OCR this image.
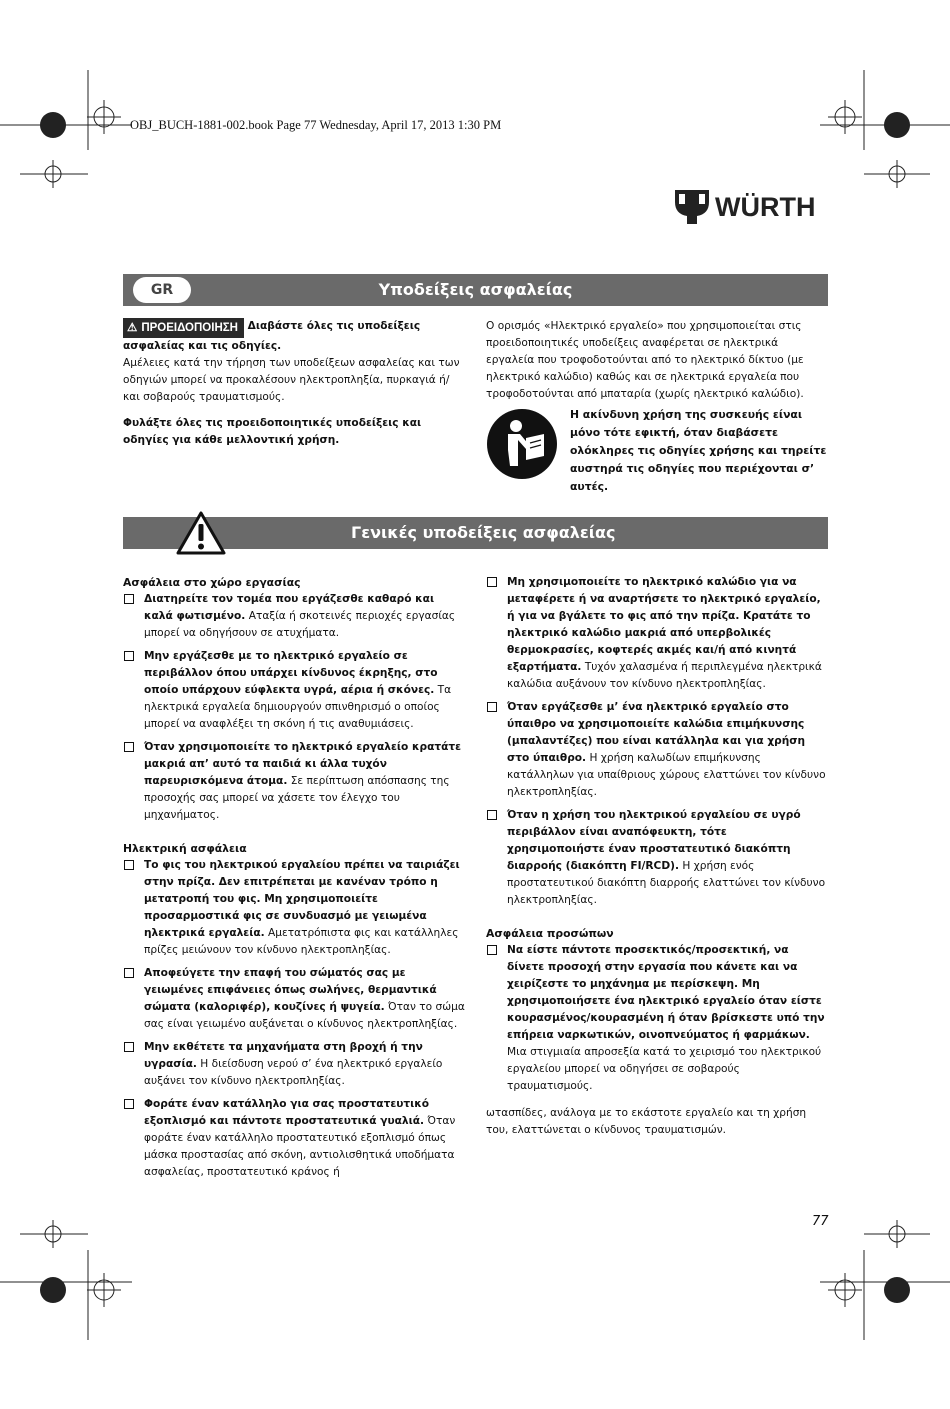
OBJ_BUCH-1881-002.book Page 77 Wednesday, April 17, 2013 1:30 PM
WÜRTH
Υποδείξεις ασφαλείας
GR

⚠ ΠΡΟΕΙΔΟΠΟΙΗΣΗ Διαβάστε όλες τις υποδείξεις ασφαλείας και τις οδηγίες.

Αμέλειες κατά την τήρηση των υποδείξεων ασφαλείας και των οδηγιών μπορεί να προκαλέσουν ηλεκτροπληξία, πυρκαγιά ή/και σοβαρούς τραυματισμούς.

Φυλάξτε όλες τις προειδοποιητικές υποδείξεις και οδηγίες για κάθε μελλοντική χρήση.

Ο ορισμός «Ηλεκτρικό εργαλείο» που χρησιμοποιείται στις προειδοποιητικές υποδείξεις αναφέρεται σε ηλεκτρικά εργαλεία που τροφοδοτούνται από το ηλεκτρικό δίκτυο (με ηλεκτρικό καλώδιο) καθώς και σε ηλεκτρικά εργαλεία που τροφοδοτούνται από μπαταρία (χωρίς ηλεκτρικό καλώδιο).
Η ακίνδυνη χρήση της συσκευής είναι μόνο τότε εφικτή, όταν διαβάσετε ολόκληρες τις οδηγίες χρήσης και τηρείτε αυστηρά τις οδηγίες που περιέχονται σ’ αυτές.
Γενικές υποδείξεις ασφαλείας

Ασφάλεια στο χώρο εργασίας

Διατηρείτε τον τομέα που εργάζεσθε καθαρό και καλά φωτισμένο. Αταξία ή σκοτεινές περιοχές εργασίας μπορεί να οδηγήσουν σε ατυχήματα.
Μην εργάζεσθε με το ηλεκτρικό εργαλείο σε περιβάλλον όπου υπάρχει κίνδυνος έκρηξης, στο οποίο υπάρχουν εύφλεκτα υγρά, αέρια ή σκόνες. Τα ηλεκτρικά εργαλεία δημιουργούν σπινθηρισμό ο οποίος μπορεί να αναφλέξει τη σκόνη ή τις αναθυμιάσεις.
Όταν χρησιμοποιείτε το ηλεκτρικό εργαλείο κρατάτε μακριά απ’ αυτό τα παιδιά κι άλλα τυχόν παρευρισκόμενα άτομα. Σε περίπτωση απόσπασης της προσοχής σας μπορεί να χάσετε τον έλεγχο του μηχανήματος.

Ηλεκτρική ασφάλεια

Το φις του ηλεκτρικού εργαλείου πρέπει να ταιριάζει στην πρίζα. Δεν επιτρέπεται με κανέναν τρόπο η μετατροπή του φις. Μη χρησιμοποιείτε προσαρμοστικά φις σε συνδυασμό με γειωμένα ηλεκτρικά εργαλεία. Αμετατρόπιστα φις και κατάλληλες πρίζες μειώνουν τον κίνδυνο ηλεκτροπληξίας.
Αποφεύγετε την επαφή του σώματός σας με γειωμένες επιφάνειες όπως σωλήνες, θερμαντικά σώματα (καλοριφέρ), κουζίνες ή ψυγεία. Όταν το σώμα σας είναι γειωμένο αυξάνεται ο κίνδυνος ηλεκτροπληξίας.
Μην εκθέτετε τα μηχανήματα στη βροχή ή την υγρασία. Η διείσδυση νερού σ’ ένα ηλεκτρικό εργαλείο αυξάνει τον κίνδυνο ηλεκτροπληξίας.
Φοράτε έναν κατάλληλο για σας προστατευτικό εξοπλισμό και πάντοτε προστατευτικά γυαλιά. Όταν φοράτε έναν κατάλληλο προστατευτικό εξοπλισμό όπως μάσκα προστασίας από σκόνη, αντιολισθητικά υποδήματα ασφαλείας, προστατευτικό κράνος ή
Μη χρησιμοποιείτε το ηλεκτρικό καλώδιο για να μεταφέρετε ή να αναρτήσετε το ηλεκτρικό εργαλείο, ή για να βγάλετε το φις από την πρίζα. Κρατάτε το ηλεκτρικό καλώδιο μακριά από υπερβολικές θερμοκρασίες, κοφτερές ακμές και/ή από κινητά εξαρτήματα. Τυχόν χαλασμένα ή περιπλεγμένα ηλεκτρικά καλώδια αυξάνουν τον κίνδυνο ηλεκτροπληξίας.
Όταν εργάζεσθε μ’ ένα ηλεκτρικό εργαλείο στο ύπαιθρο να χρησιμοποιείτε καλώδια επιμήκυνσης (μπαλαντέζες) που είναι κατάλληλα και για χρήση στο ύπαιθρο. Η χρήση καλωδίων επιμήκυνσης κατάλληλων για υπαίθριους χώρους ελαττώνει τον κίνδυνο ηλεκτροπληξίας.
Όταν η χρήση του ηλεκτρικού εργαλείου σε υγρό περιβάλλον είναι αναπόφευκτη, τότε χρησιμοποιήστε έναν προστατευτικό διακόπτη διαρροής (διακόπτη FI/RCD). Η χρήση ενός προστατευτικού διακόπτη διαρροής ελαττώνει τον κίνδυνο ηλεκτροπληξίας.

Ασφάλεια προσώπων

Να είστε πάντοτε προσεκτικός/προσεκτική, να δίνετε προσοχή στην εργασία που κάνετε και να χειρίζεστε το μηχάνημα με περίσκεψη. Μη χρησιμοποιήσετε ένα ηλεκτρικό εργαλείο όταν είστε κουρασμένος/κουρασμένη ή όταν βρίσκεστε υπό την επήρεια ναρκωτικών, οινοπνεύματος ή φαρμάκων. Μια στιγμιαία απροσεξία κατά το χειρισμό του ηλεκτρικού εργαλείου μπορεί να οδηγήσει σε σοβαρούς τραυματισμούς.

ωτασπίδες, ανάλογα με το εκάστοτε εργαλείο και τη χρήση του, ελαττώνεται ο κίνδυνος τραυματισμών.

77
